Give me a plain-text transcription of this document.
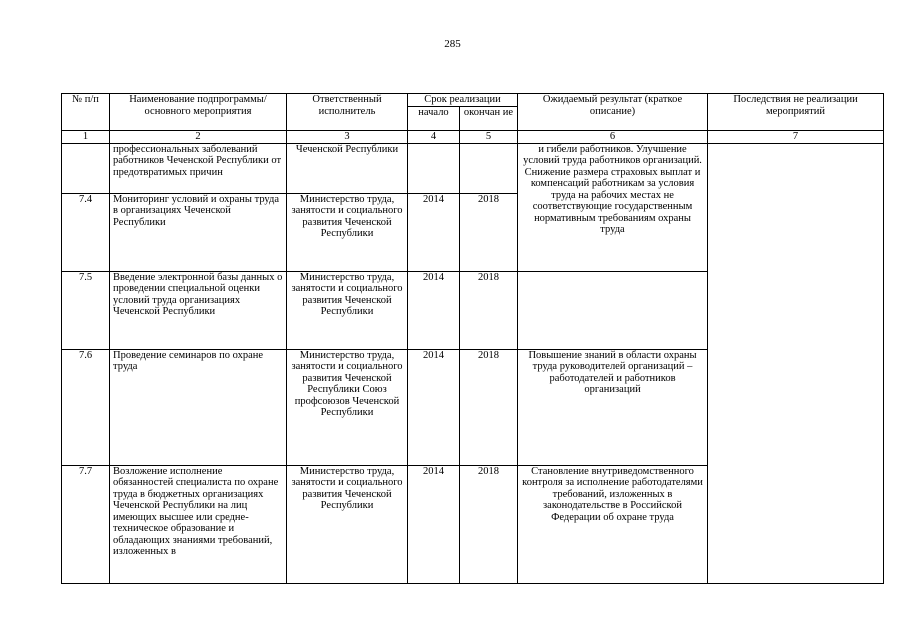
285
№ п/п	Наименование подпрограммы/ основного мероприятия	Ответственный исполнитель	Срок реализации		Ожидаемый результат (краткое описание)	Последствия не реализации мероприятий
			начало	окончан ие		
1	2	3	4	5	6	7
	профессиональных заболеваний работников Чеченской Республики от предотвратимых причин	Чеченской Республики			и гибели работников. Улучшение условий труда работников организаций. Снижение размера страховых выплат и компенсаций работникам за условия труда на рабочих местах не соответствующие государственным нормативным требованиям охраны труда	
7.4	Мониторинг условий и охраны труда в организациях Чеченской Республики	Министерство труда, занятости и социального развития Чеченской Республики	2014	2018		
7.5	Введение электронной базы данных о проведении специальной оценки условий труда организациях Чеченской Республики	Министерство труда, занятости и социального развития Чеченской Республики	2014	2018		
7.6	Проведение семинаров по охране труда	Министерство труда, занятости и социального развития Чеченской Республики Союз профсоюзов Чеченской Республики	2014	2018	Повышение знаний в области охраны труда руководителей организаций – работодателей и работников организаций	
7.7	Возложение исполнение обязанностей специалиста по охране труда в бюджетных организациях Чеченской Республики на лиц имеющих высшее или средне-техническое образование и обладающих знаниями требований, изложенных в	Министерство труда, занятости и социального развития Чеченской Республики	2014	2018	Становление внутриведомственного контроля за исполнение работодателями требований, изложенных в законодательстве в Российской Федерации об охране труда	
